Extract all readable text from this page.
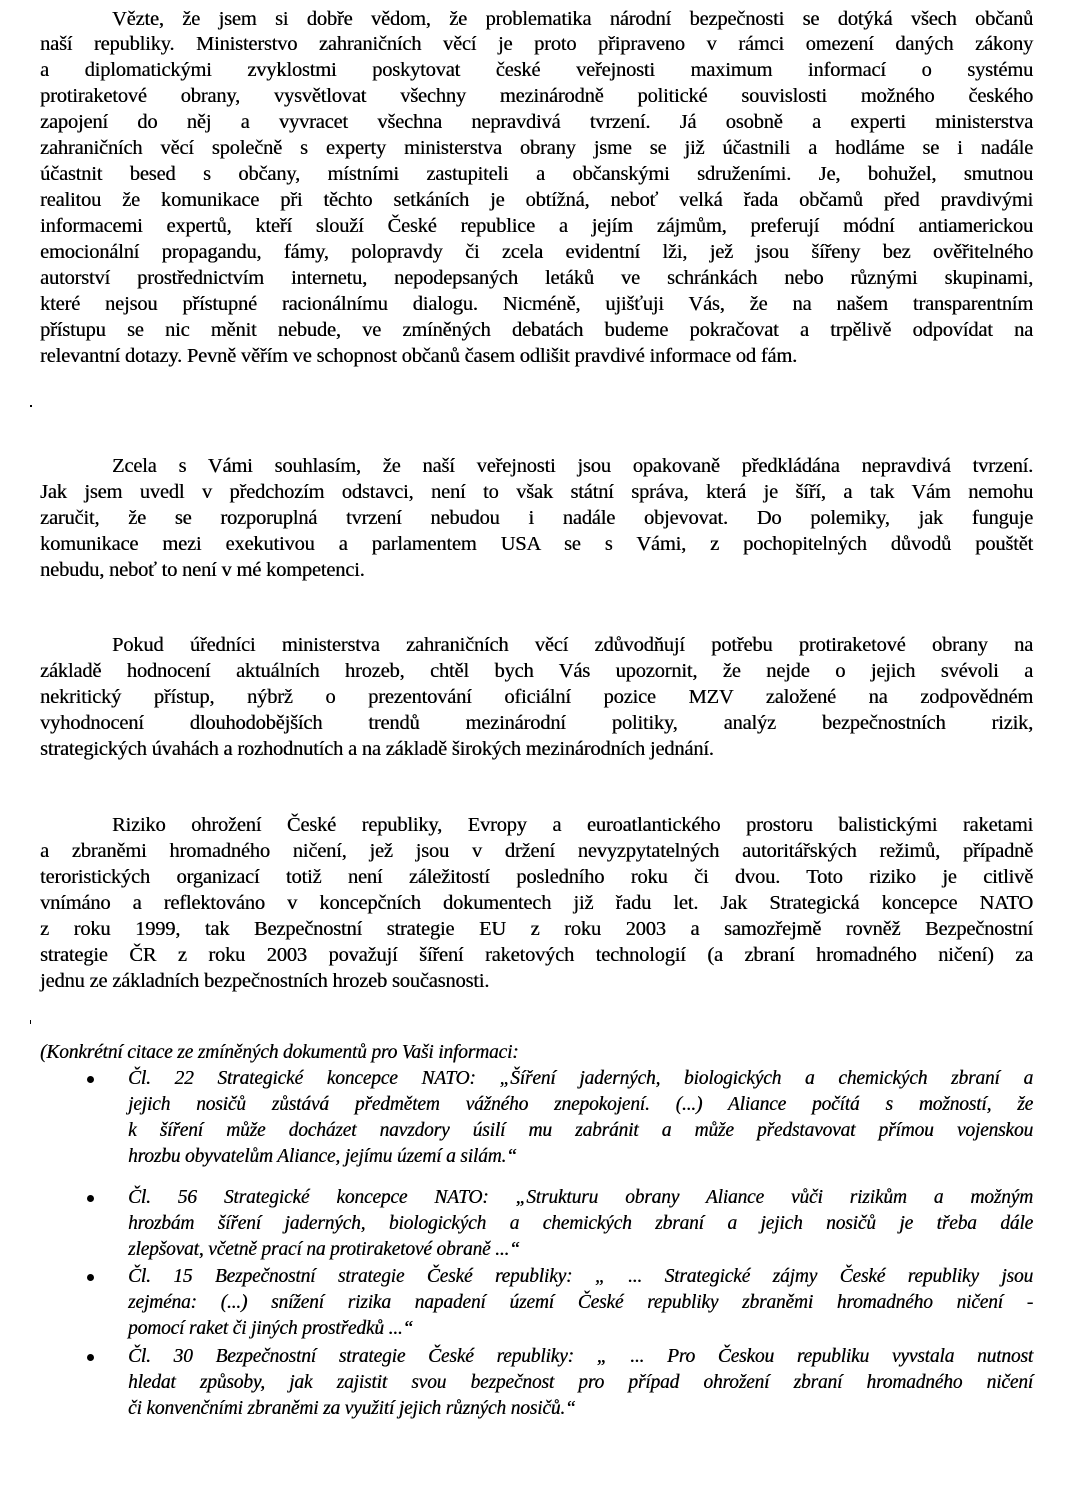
Vězte, že jsem si dobře vědom, že problematika národní bezpečnosti se dotýká všech občanů
naší republiky. Ministerstvo zahraničních věcí je proto připraveno v rámci omezení daných zákony
a diplomatickými zvyklostmi poskytovat české veřejnosti maximum informací o systému
protiraketové obrany, vysvětlovat všechny mezinárodně politické souvislosti možného českého
zapojení do něj a vyvracet všechna nepravdivá tvrzení. Já osobně a experti ministerstva
zahraničních věcí společně s experty ministerstva obrany jsme se již účastnili a hodláme se i nadále
účastnit besed s občany, místními zastupiteli a občanskými sdruženími. Je, bohužel, smutnou
realitou že komunikace při těchto setkáních je obtížná, neboť velká řada občamů před pravdivými
informacemi expertů, kteří slouží České republice a jejím zájmům, preferují módní antiamerickou
emocionální propagandu, fámy, polopravdy či zcela evidentní lži, jež jsou šířeny bez ověřitelného
autorství prostřednictvím internetu, nepodepsaných letáků ve schránkách nebo různými skupinami,
které nejsou přístupné racionálnímu dialogu. Nicméně, ujišťuji Vás, že na našem transparentním
přístupu se nic měnit nebude, ve zmíněných debatách budeme pokračovat a trpělivě odpovídat na
relevantní dotazy. Pevně věřím ve schopnost občanů časem odlišit pravdivé informace od fám.
Zcela s Vámi souhlasím, že naší veřejnosti jsou opakovaně předkládána nepravdivá tvrzení.
Jak jsem uvedl v předchozím odstavci, není to však státní správa, která je šíří, a tak Vám nemohu
zaručit, že se rozporuplná tvrzení nebudou i nadále objevovat. Do polemiky, jak funguje
komunikace mezi exekutivou a parlamentem USA se s Vámi, z pochopitelných důvodů pouštět
nebudu, neboť to není v mé kompetenci.
Pokud úředníci ministerstva zahraničních věcí zdůvodňují potřebu protiraketové obrany na
základě hodnocení aktuálních hrozeb, chtěl bych Vás upozornit, že nejde o jejich svévoli a
nekritický přístup, nýbrž o prezentování oficiální pozice MZV založené na zodpovědném
vyhodnocení dlouhodobějších trendů mezinárodní politiky, analýz bezpečnostních rizik,
strategických úvahách a rozhodnutích a na základě širokých mezinárodních jednání.
Riziko ohrožení České republiky, Evropy a euroatlantického prostoru balistickými raketami
a zbraněmi hromadného ničení, jež jsou v držení nevyzpytatelných autoritářských režimů, případně
teroristických organizací totiž není záležitostí posledního roku či dvou. Toto riziko je citlivě
vnímáno a reflektováno v koncepčních dokumentech již řadu let. Jak Strategická koncepce NATO
z roku 1999, tak Bezpečnostní strategie EU z roku 2003 a samozřejmě rovněž Bezpečnostní
strategie ČR z roku 2003 považují šíření raketových technologií (a zbraní hromadného ničení) za
jednu ze základních bezpečnostních hrozeb současnosti.
(Konkrétní citace ze zmíněných dokumentů pro Vaši informaci:
Čl. 22 Strategické koncepce NATO: „Šíření jaderných, biologických a chemických zbraní a
jejich nosičů zůstává předmětem vážného znepokojení. (...) Aliance počítá s možností, že
k šíření může docházet navzdory úsilí mu zabránit a může představovat přímou vojenskou
hrozbu obyvatelům Aliance, jejímu území a silám.“
Čl. 56 Strategické koncepce NATO: „Strukturu obrany Aliance vůči rizikům a možným
hrozbám šíření jaderných, biologických a chemických zbraní a jejich nosičů je třeba dále
zlepšovat, včetně prací na protiraketové obraně ...“
Čl. 15 Bezpečnostní strategie České republiky: „ ... Strategické zájmy České republiky jsou
zejména: (...) snížení rizika napadení území České republiky zbraněmi hromadného ničení -
pomocí raket či jiných prostředků ...“
Čl. 30 Bezpečnostní strategie České republiky: „ ... Pro Českou republiku vyvstala nutnost
hledat způsoby, jak zajistit svou bezpečnost pro případ ohrožení zbraní hromadného ničení
či konvenčními zbraněmi za využití jejich různých nosičů.“
